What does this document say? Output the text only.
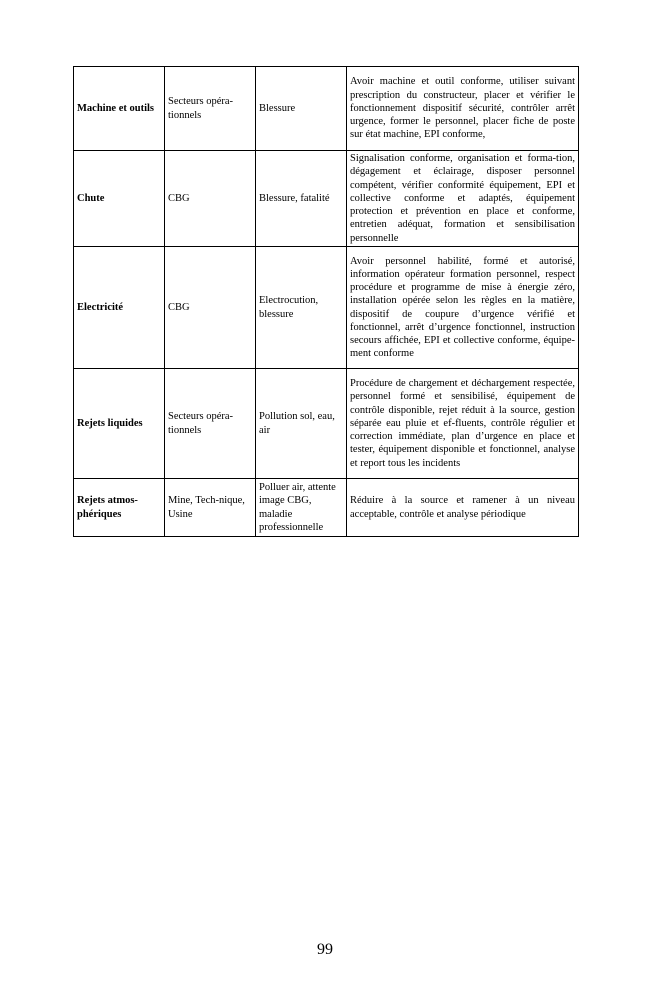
Machine et outils	Secteurs opéra-tionnels	Blessure	Avoir machine et outil conforme, utiliser suivant prescription du constructeur, placer et vérifier le fonctionnement dispositif sécurité, contrôler arrêt urgence, former le personnel, placer fiche de poste sur état machine, EPI conforme,
Chute	CBG	Blessure, fatalité	Signalisation conforme, organisation et forma-tion, dégagement et éclairage, disposer personnel compétent, vérifier conformité équipement, EPI et collective conforme et adaptés, équipement protection et prévention en place et conforme, entretien adéquat, formation et sensibilisation personnelle
Electricité	CBG	Electrocution, blessure	Avoir personnel habilité, formé et autorisé, information opérateur formation personnel, respect procédure et programme de mise à énergie zéro, installation opérée selon les règles en la matière, dispositif de coupure d’urgence vérifié et fonctionnel, arrêt d’urgence fonctionnel, instruction secours affichée, EPI et collective conforme, équipe-ment conforme
Rejets liquides	Secteurs opéra-tionnels	Pollution sol, eau, air	Procédure de chargement et déchargement respectée, personnel formé et sensibilisé, équipement de contrôle disponible, rejet réduit à la source, gestion séparée eau pluie et ef-fluents, contrôle régulier et correction immédiate, plan d’urgence en place et tester, équipement disponible et fonctionnel, analyse et report tous les incidents
Rejets atmos-phériques	Mine, Tech-nique, Usine	Polluer air, attente image CBG, maladie professionnelle	Réduire à la source et ramener à un niveau acceptable, contrôle et analyse périodique
99
